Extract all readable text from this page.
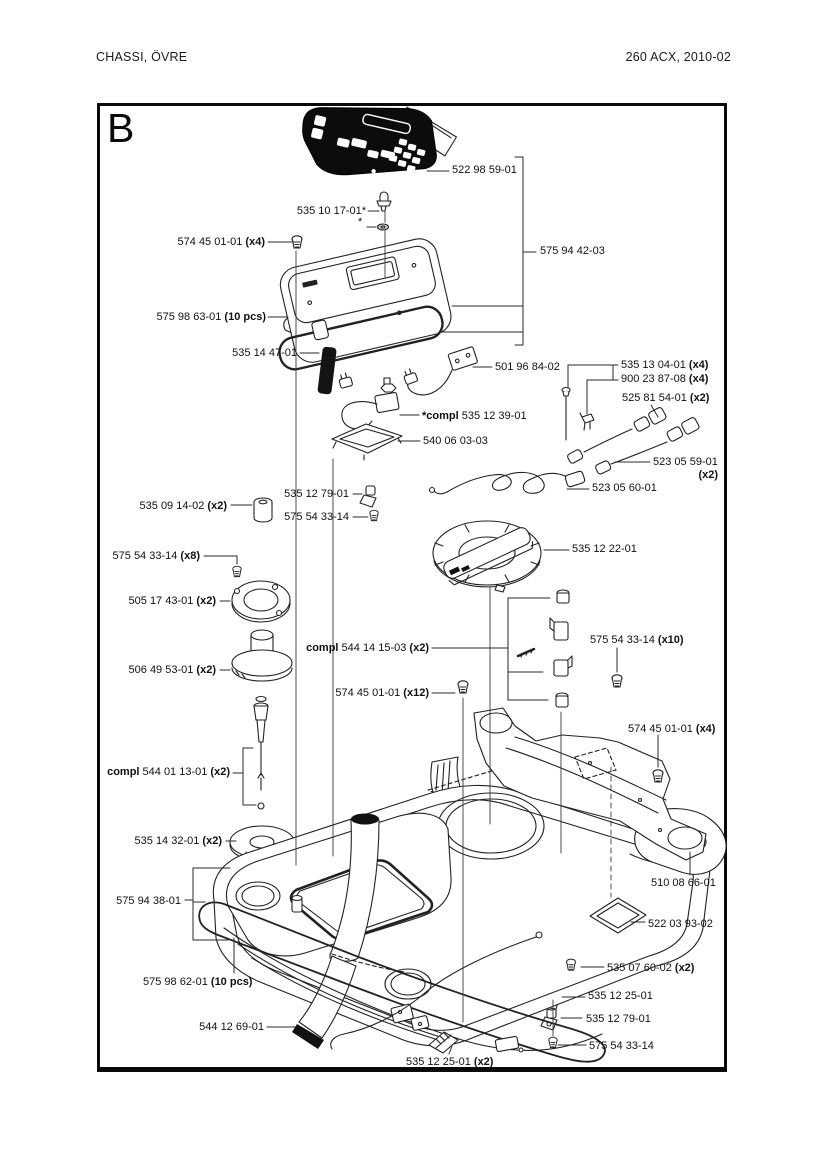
CHASSI, ÖVRE	260 ACX, 2010-02
B
522 98 59-01
535 10 17-01*
*
574 45 01-01 (x4)
575 94 42-03
575 98 63-01 (10 pcs)
535 14 47-01
501 96 84-02	535 13 04-01 (x4)
900 23 87-08 (x4)
525 81 54-01 (x2)
*compl 535 12 39-01
540 06 03-03
523 05 59-01
(x2)
523 05 60-01
535 12 79-01
535 09 14-02 (x2)
575 54 33-14
535 12 22-01
575 54 33-14 (x8)
505 17 43-01 (x2)
compl 544 14 15-03 (x2)
575 54 33-14 (x10)
506 49 53-01 (x2)
574 45 01-01 (x12)
574 45 01-01 (x4)
compl 544 01 13-01 (x2)
535 14 32-01 (x2)
510 08 66-01
575 94 38-01
522 03 93-02
535 07 60-02 (x2)
575 98 62-01 (10 pcs)
535 12 25-01
535 12 79-01
544 12 69-01
575 54 33-14
535 12 25-01 (x2)
